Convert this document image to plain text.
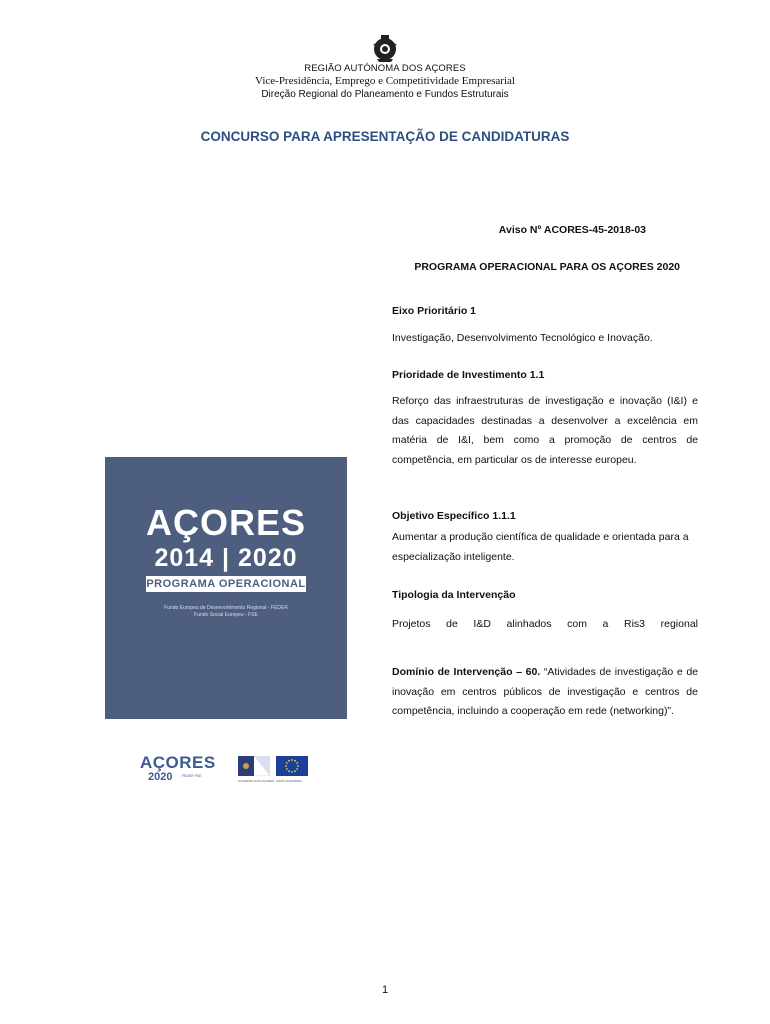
REGIÃO AUTÓNOMA DOS AÇORES
Vice-Presidência, Emprego e Competitividade Empresarial
Direção Regional do Planeamento e Fundos Estruturais
CONCURSO PARA APRESENTAÇÃO DE CANDIDATURAS
Aviso Nº ACORES-45-2018-03
PROGRAMA OPERACIONAL PARA OS AÇORES 2020
Eixo Prioritário 1
Investigação, Desenvolvimento Tecnológico e Inovação.
Prioridade de Investimento 1.1
Reforço das infraestruturas de investigação e inovação (I&I) e das capacidades destinadas a desenvolver a excelência em matéria de I&I, bem como a promoção de centros de competência, em particular os de interesse europeu.
Objetivo Específico 1.1.1
Aumentar a produção científica de qualidade e orientada para a especialização inteligente.
Tipologia da Intervenção
Projetos de I&D alinhados com a Ris3 regional
Domínio de Intervenção – 60. “Atividades de investigação e de inovação em centros públicos de investigação e centros de competência, incluindo a cooperação em rede (networking)”.
AÇORES
2014 | 2020
PROGRAMA OPERACIONAL
Fundo Europeu de Desenvolvimento Regional - FEDER
Fundo Social Europeu - FSE
AÇORES
2020	FEDER FSE
GOVERNO DOS AÇORES UNIÃO EUROPEIA
1
